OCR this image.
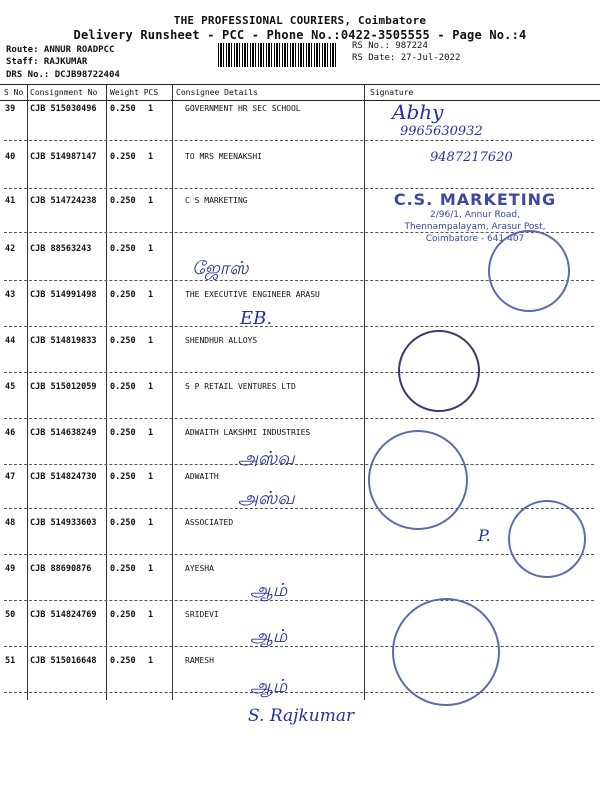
THE PROFESSIONAL COURIERS, Coimbatore
Delivery Runsheet - PCC - Phone No.:0422-3505555 - Page No.:4
Route: ANNUR ROADPCC
Staff: RAJKUMAR
DRS No.: DCJB98722404
RS No.: 987224
RS Date: 27-Jul-2022
S No Consignment No Weight PCS Consignee Details	Signature
39 CJB 515030496 0.250 1	GOVERNMENT HR SEC SCHOOL
40 CJB 514987147 0.250 1	TO MRS MEENAKSHI
41 CJB 514724238 0.250 1	C S MARKETING
42 CJB 88563243 0.250 1
43 CJB 514991498 0.250 1	THE EXECUTIVE ENGINEER ARASU
44 CJB 514819833 0.250 1	SHENDHUR ALLOYS
45 CJB 515012059 0.250 1	S P RETAIL VENTURES LTD
46 CJB 514638249 0.250 1	ADWAITH LAKSHMI INDUSTRIES
47 CJB 514824730 0.250 1	ADWAITH
48 CJB 514933603 0.250 1	ASSOCIATED
49 CJB 88690876 0.250 1	AYESHA
50 CJB 514824769 0.250 1	SRIDEVI
51 CJB 515016648 0.250 1	RAMESH
Abhy
9965630932
9487217620
C.S. MARKETING
2/96/1, Annur Road,
Thennampalayam, Arasur Post,
Coimbatore - 641 407
ஜோஸ்
EB.
அஸ்வ
அஸ்வ
P.
ஆம்
ஆம்
ஆம்
S. Rajkumar
